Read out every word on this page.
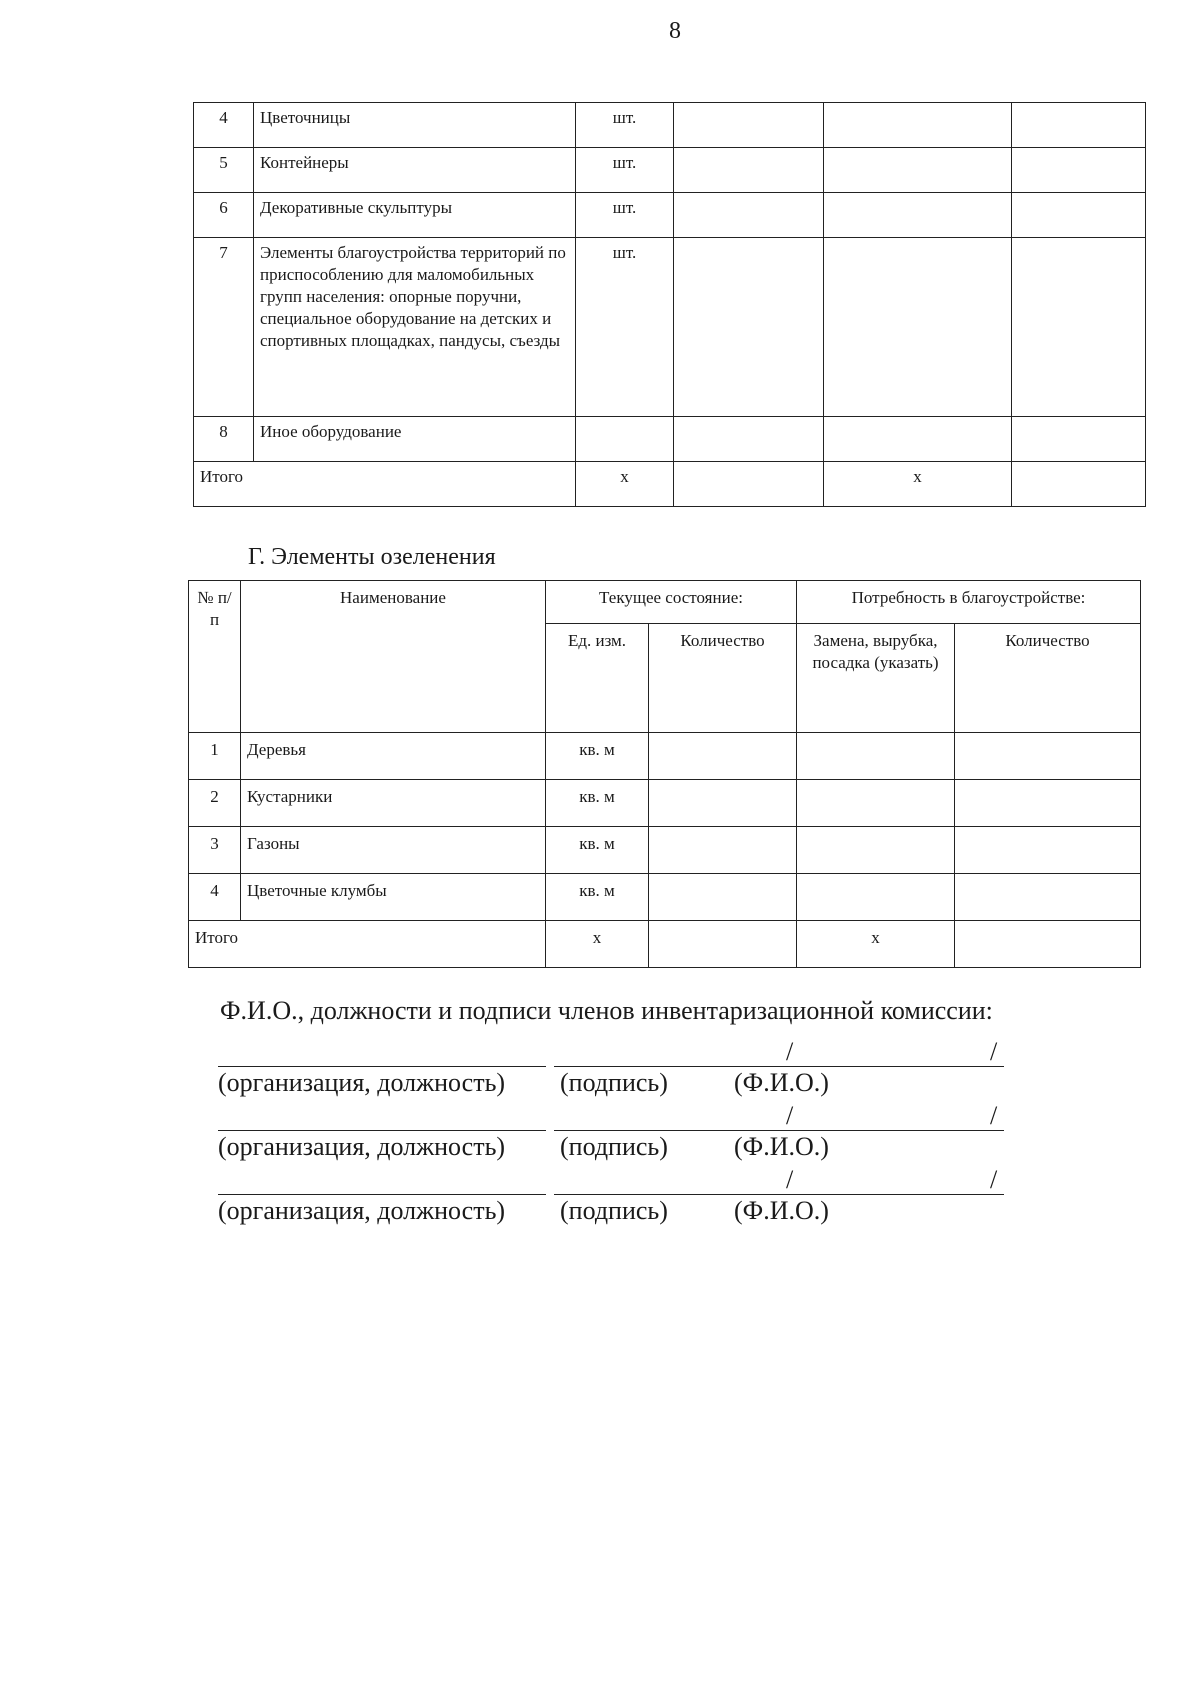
8
4	Цветочницы	шт.			
5	Контейнеры	шт.			
6	Декоративные скульптуры	шт.			
7	Элементы благоустройства территорий по приспособлению для маломобильных групп населения: опорные поручни, специальное оборудование на детских и спортивных площадках, пандусы, съезды	шт.			
8	Иное оборудование				
Итого		х		х	
Г. Элементы озеленения
№ п/п	Наименование	Текущее состояние:		Потребность в благоустройстве:	
		Ед. изм.	Количество	Замена, вырубка, посадка (указать)	Количество
1	Деревья	кв. м			
2	Кустарники	кв. м			
3	Газоны	кв. м			
4	Цветочные клумбы	кв. м			
Итого		х		х	
Ф.И.О., должности и подписи членов инвентаризационной комиссии:
/	/
(организация, должность) (подпись)	(Ф.И.О.)
/	/
(организация, должность) (подпись)	(Ф.И.О.)
/	/
(организация, должность) (подпись)	(Ф.И.О.)
